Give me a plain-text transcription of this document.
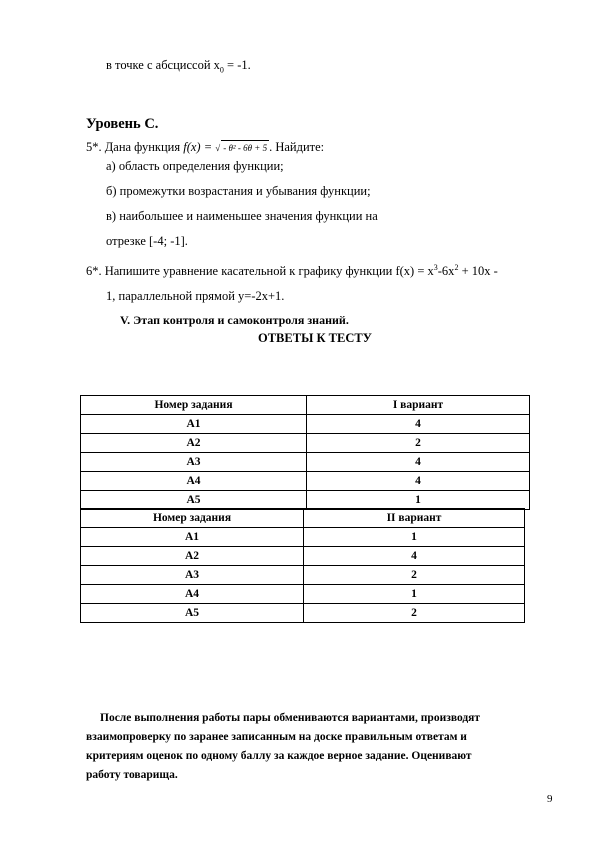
в точке с абсциссой $x_0 = -1$.
Уровень С.
5*. Дана функция f(x) = √ - θ² - 6θ + 5 . Найдите:
а) область определения функции;
б) промежутки возрастания и убывания функции;
в) наибольшее и наименьшее значения функции на
отрезке [-4; -1].
6*. Напишите уравнение касательной к графику функции $f(x) = x^3-6x^2 + 10x$ -
1, параллельной прямой y=-2x+1.
V. Этап контроля и самоконтроля знаний.
ОТВЕТЫ К ТЕСТУ
Номер задания	I вариант
А1	4
А2	2
А3	4
А4	4
А5	1
Номер задания	II вариант
А1	1
А2	4
А3	2
А4	1
А5	2
После выполнения работы пары обмениваются вариантами, производят
взаимопроверку по заранее записанным на доске правильным ответам и
критериям оценок по одному баллу за каждое верное задание. Оценивают
работу товарища.
9
